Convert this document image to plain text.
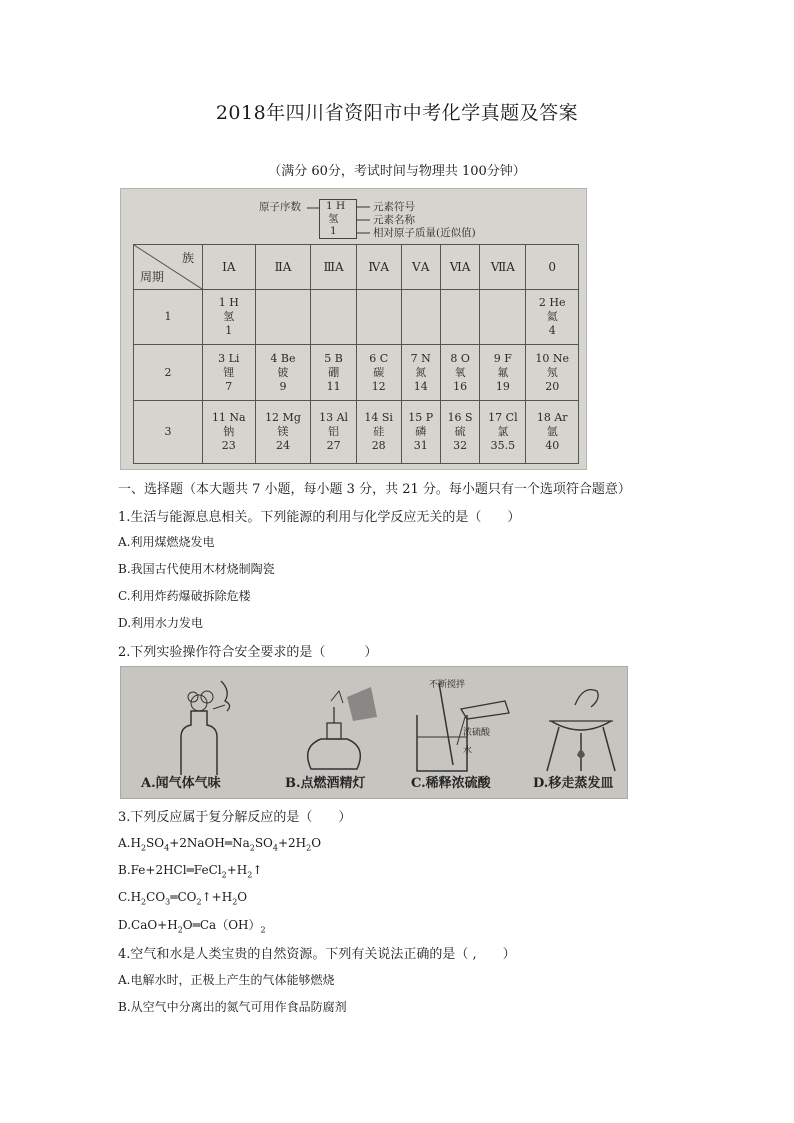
2018年四川省资阳市中考化学真题及答案
（满分 60分，考试时间与物理共 100分钟）
原子序数 1 H
氢
1
元素符号
元素名称
相对原子质量(近似值)
族
周期	ⅠA	ⅡA	ⅢA	ⅣA	ⅤA	ⅥA	ⅦA	0
1	1 H
氢
1							2 He
氦
4

2	3 Li
锂
7	4 Be
铍
9	5 B
硼
11	6 C
碳
12	7 N
氮
14	8 O
氧
16	9 F
氟
19	10 Ne
氖
20

3	11 Na
钠
23	12 Mg
镁
24	13 Al
铝
27	14 Si
硅
28	15 P
磷
31	16 S
硫
32	17 Cl
氯
35.5	18 Ar
氩
40
一、选择题（本大题共 7 小题，每小题 3 分，共 21 分。每小题只有一个选项符合题意）
1.生活与能源息息相关。下列能源的利用与化学反应无关的是（　　）
A.利用煤燃烧发电
B.我国古代使用木材烧制陶瓷
C.利用炸药爆破拆除危楼
D.利用水力发电
2.下列实验操作符合安全要求的是（　　　）
A.闻气体气味	B.点燃酒精灯
不断搅拌
浓硫酸
水
C.稀释浓硫酸	D.移走蒸发皿
3.下列反应属于复分解反应的是（　　）
$A.H_2SO_4+2NaOH═Na_2SO_4+2H_2O$
$B.Fe+2HCl═FeCl_2+H_2↑$
$C.H_2CO_3═CO_2↑+H_2O$
$D.CaO+H_2O═Ca(OH)_2$
4.空气和水是人类宝贵的自然资源。下列有关说法正确的是（ ,　　）
A.电解水时，正极上产生的气体能够燃烧
B.从空气中分离出的氮气可用作食品防腐剂
